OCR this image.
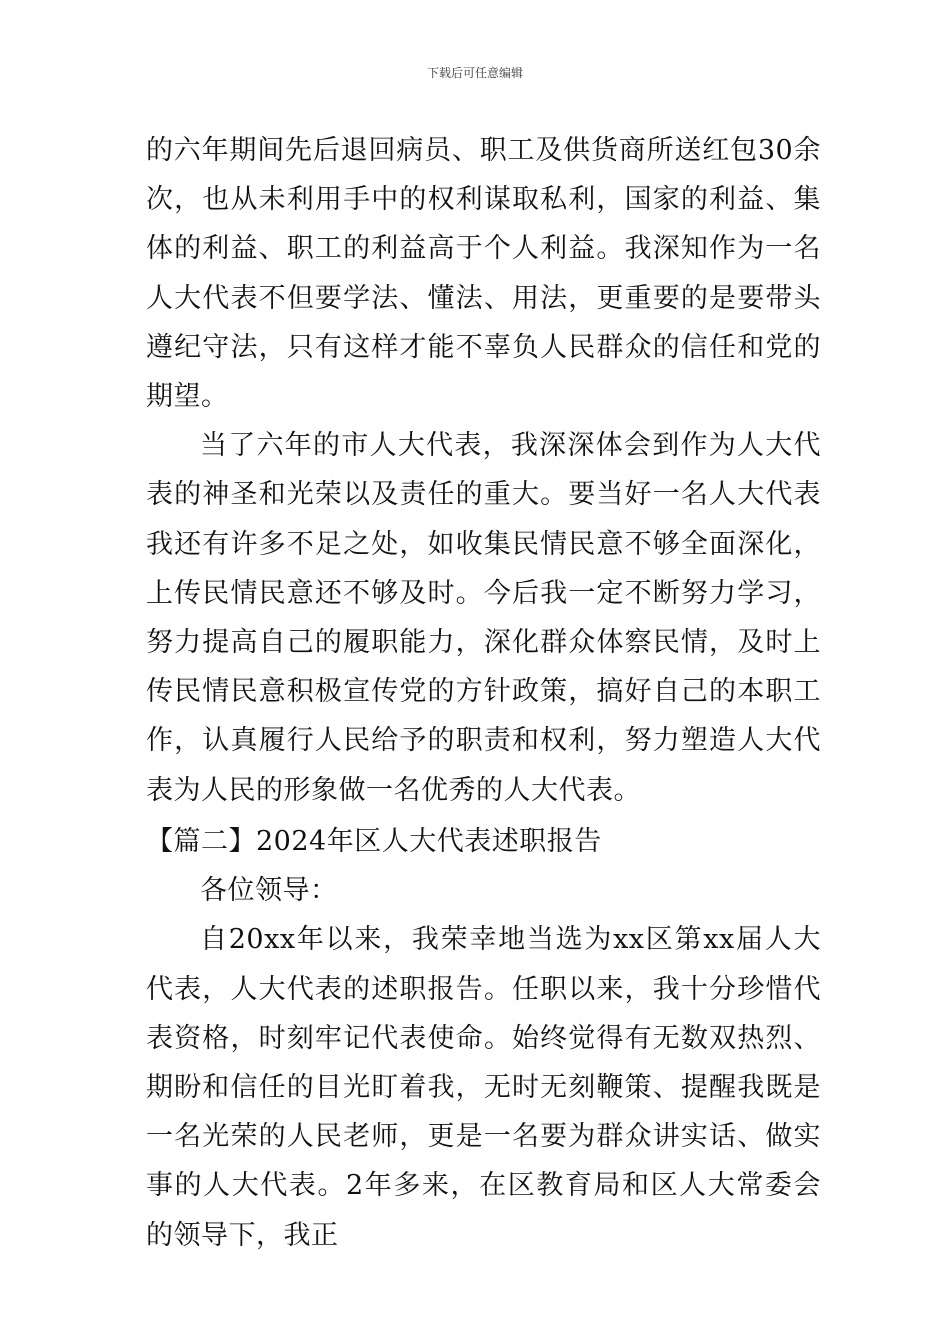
下载后可任意编辑

的六年期间先后退回病员、职工及供货商所送红包30余次，也从未利用手中的权利谋取私利，国家的利益、集体的利益、职工的利益高于个人利益。我深知作为一名人大代表不但要学法、懂法、用法，更重要的是要带头遵纪守法，只有这样才能不辜负人民群众的信任和党的期望。

当了六年的市人大代表，我深深体会到作为人大代表的神圣和光荣以及责任的重大。要当好一名人大代表我还有许多不足之处，如收集民情民意不够全面深化，上传民情民意还不够及时。今后我一定不断努力学习，努力提高自己的履职能力，深化群众体察民情，及时上传民情民意积极宣传党的方针政策，搞好自己的本职工作，认真履行人民给予的职责和权利，努力塑造人大代表为人民的形象做一名优秀的人大代表。

【篇二】2024年区人大代表述职报告

各位领导：

自20xx年以来，我荣幸地当选为xx区第xx届人大代表，人大代表的述职报告。任职以来，我十分珍惜代表资格，时刻牢记代表使命。始终觉得有无数双热烈、期盼和信任的目光盯着我，无时无刻鞭策、提醒我既是一名光荣的人民老师，更是一名要为群众讲实话、做实事的人大代表。2年多来，在区教育局和区人大常委会的领导下，我正
